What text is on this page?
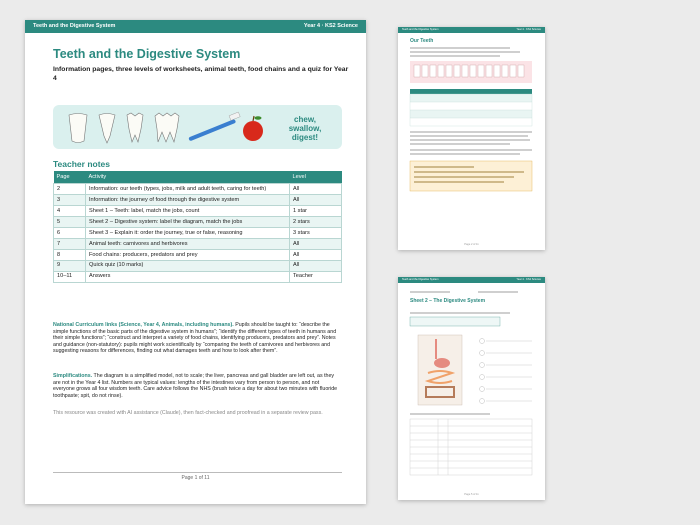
Teeth and the Digestive System	Year 4 · KS2 Science
Teeth and the Digestive System
Information pages, three levels of worksheets, animal teeth, food chains and a quiz for Year 4
chew,
swallow,
digest!
Teacher notes
Page	Activity	Level
2	Information: our teeth (types, jobs, milk and adult teeth, caring for teeth)	All
3	Information: the journey of food through the digestive system	All
4	Sheet 1 – Teeth: label, match the jobs, count	1 star
5	Sheet 2 – Digestive system: label the diagram, match the jobs	2 stars
6	Sheet 3 – Explain it: order the journey, true or false, reasoning	3 stars
7	Animal teeth: carnivores and herbivores	All
8	Food chains: producers, predators and prey	All
9	Quick quiz (10 marks)	All
10–11	Answers	Teacher
National Curriculum links (Science, Year 4, Animals, including humans). Pupils should be taught to: “describe the simple functions of the basic parts of the digestive system in humans”; “identify the different types of teeth in humans and their simple functions”; “construct and interpret a variety of food chains, identifying producers, predators and prey”. Notes and guidance (non-statutory): pupils might work scientifically by “comparing the teeth of carnivores and herbivores and suggesting reasons for differences, finding out what damages teeth and how to look after them”.
Simplifications. The diagram is a simplified model, not to scale; the liver, pancreas and gall bladder are left out, as they are not in the Year 4 list. Numbers are typical values: lengths of the intestines vary from person to person, and not everyone grows all four wisdom teeth. Care advice follows the NHS (brush twice a day for about two minutes with fluoride toothpaste; spit, do not rinse).
This resource was created with AI assistance (Claude), then fact-checked and proofread in a separate review pass.
Page 1 of 11
Teeth and the Digestive System	Year 4 · KS2 Science
Our Teeth
Page 2 of 11
Teeth and the Digestive System	Year 4 · KS2 Science
Sheet 2 – The Digestive System
Page 5 of 11
